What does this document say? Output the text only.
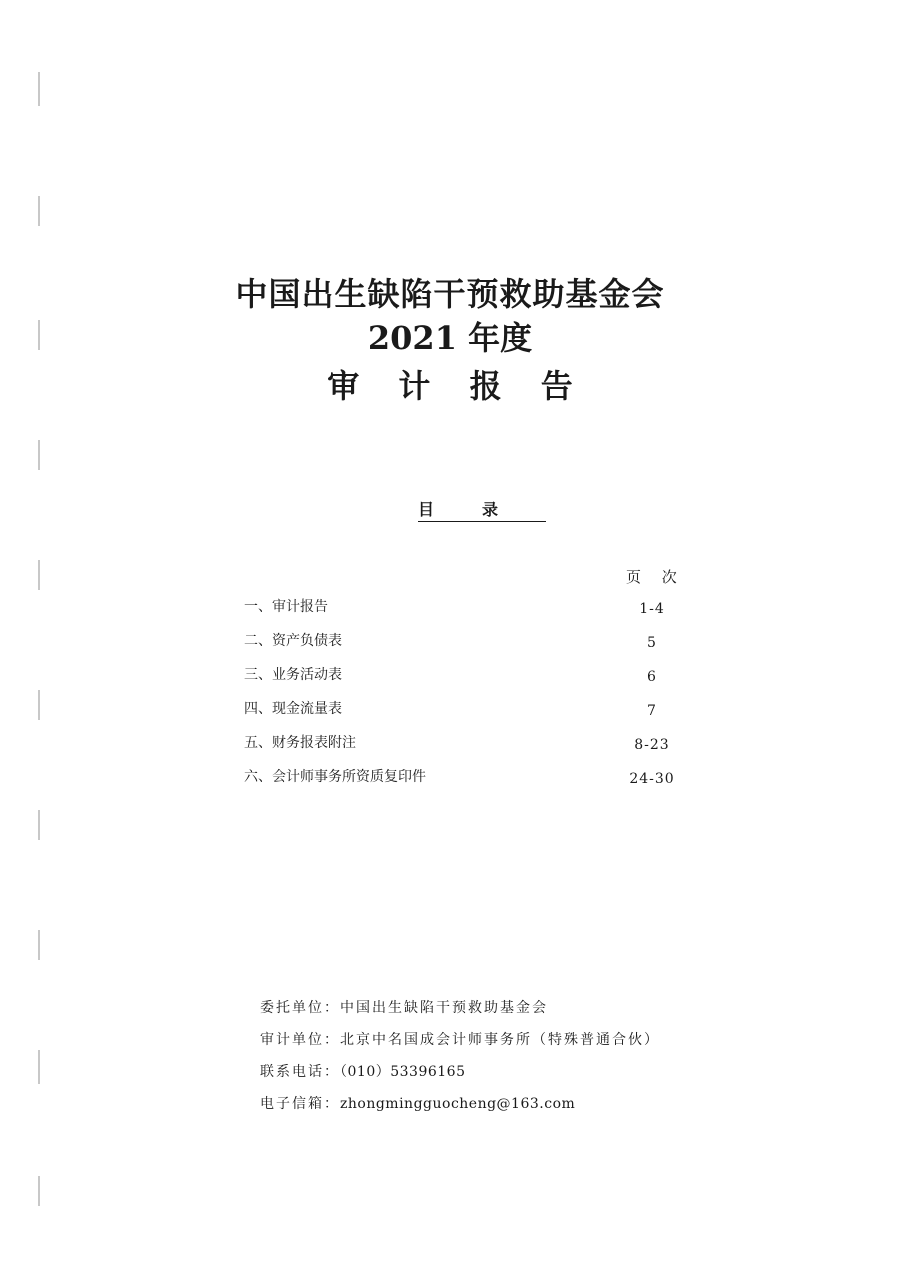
中国出生缺陷干预救助基金会
2021 年度
审 计 报 告
目录
页 次
一、审计报告	1-4
二、资产负债表	5
三、业务活动表	6
四、现金流量表	7
五、财务报表附注	8-23
六、会计师事务所资质复印件	24-30
委托单位：中国出生缺陷干预救助基金会
审计单位：北京中名国成会计师事务所（特殊普通合伙）
联系电话：（010）53396165
电子信箱：zhongmingguocheng@163.com
